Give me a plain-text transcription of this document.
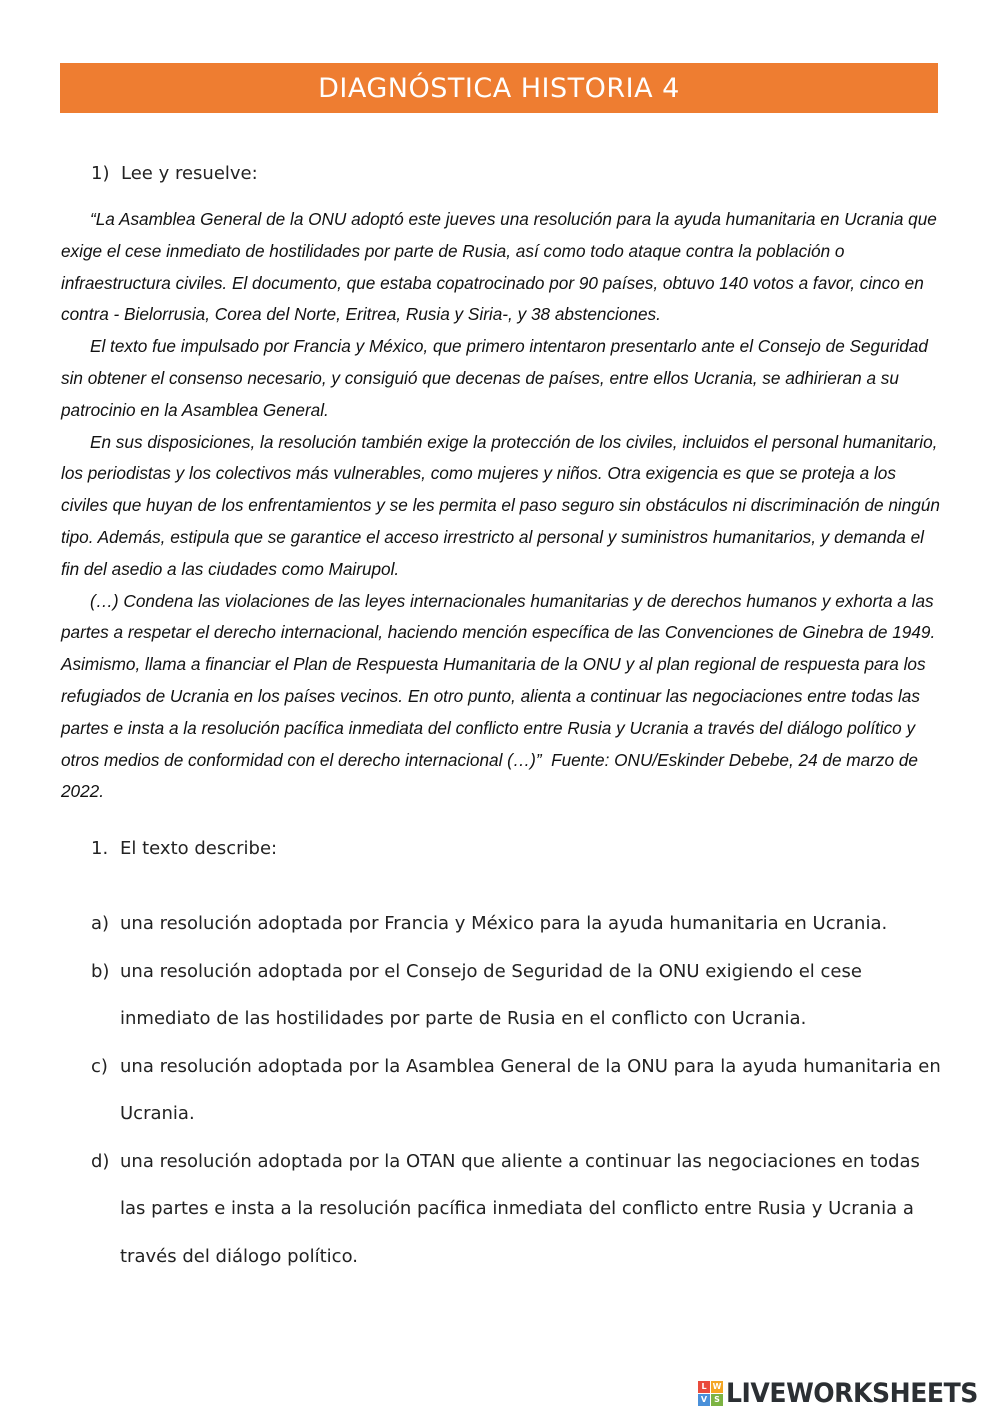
DIAGNÓSTICA HISTORIA 4
1) Lee y resuelve:

“La Asamblea General de la ONU adoptó este jueves una resolución para la ayuda humanitaria en Ucrania que exige el cese inmediato de hostilidades por parte de Rusia, así como todo ataque contra la población o infraestructura civiles. El documento, que estaba copatrocinado por 90 países, obtuvo 140 votos a favor, cinco en contra - Bielorrusia, Corea del Norte, Eritrea, Rusia y Siria-, y 38 abstenciones.

El texto fue impulsado por Francia y México, que primero intentaron presentarlo ante el Consejo de Seguridad sin obtener el consenso necesario, y consiguió que decenas de países, entre ellos Ucrania, se adhirieran a su patrocinio en la Asamblea General.

En sus disposiciones, la resolución también exige la protección de los civiles, incluidos el personal humanitario, los periodistas y los colectivos más vulnerables, como mujeres y niños. Otra exigencia es que se proteja a los civiles que huyan de los enfrentamientos y se les permita el paso seguro sin obstáculos ni discriminación de ningún tipo. Además, estipula que se garantice el acceso irrestricto al personal y suministros humanitarios, y demanda el fin del asedio a las ciudades como Mairupol.

(…) Condena las violaciones de las leyes internacionales humanitarias y de derechos humanos y exhorta a las partes a respetar el derecho internacional, haciendo mención específica de las Convenciones de Ginebra de 1949. Asimismo, llama a financiar el Plan de Respuesta Humanitaria de la ONU y al plan regional de respuesta para los refugiados de Ucrania en los países vecinos. En otro punto, alienta a continuar las negociaciones entre todas las partes e insta a la resolución pacífica inmediata del conflicto entre Rusia y Ucrania a través del diálogo político y otros medios de conformidad con el derecho internacional (…)” Fuente: ONU/Eskinder Debebe, 24 de marzo de 2022.

1. El texto describe:
a) una resolución adoptada por Francia y México para la ayuda humanitaria en Ucrania.
b) una resolución adoptada por el Consejo de Seguridad de la ONU exigiendo el cese inmediato de las hostilidades por parte de Rusia en el conflicto con Ucrania.
c) una resolución adoptada por la Asamblea General de la ONU para la ayuda humanitaria en Ucrania.
d) una resolución adoptada por la OTAN que aliente a continuar las negociaciones en todas las partes e insta a la resolución pacífica inmediata del conflicto entre Rusia y Ucrania a través del diálogo político.
L W
V S LIVEWORKSHEETS
